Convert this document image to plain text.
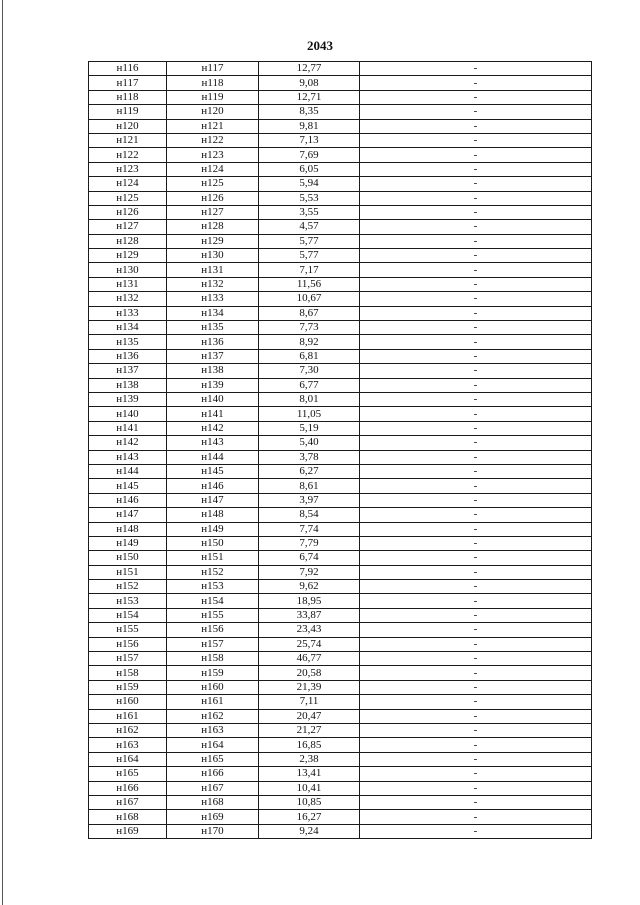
2043
н116	н117	12,77	-
н117	н118	9,08	-
н118	н119	12,71	-
н119	н120	8,35	-
н120	н121	9,81	-
н121	н122	7,13	-
н122	н123	7,69	-
н123	н124	6,05	-
н124	н125	5,94	-
н125	н126	5,53	-
н126	н127	3,55	-
н127	н128	4,57	-
н128	н129	5,77	-
н129	н130	5,77	-
н130	н131	7,17	-
н131	н132	11,56	-
н132	н133	10,67	-
н133	н134	8,67	-
н134	н135	7,73	-
н135	н136	8,92	-
н136	н137	6,81	-
н137	н138	7,30	-
н138	н139	6,77	-
н139	н140	8,01	-
н140	н141	11,05	-
н141	н142	5,19	-
н142	н143	5,40	-
н143	н144	3,78	-
н144	н145	6,27	-
н145	н146	8,61	-
н146	н147	3,97	-
н147	н148	8,54	-
н148	н149	7,74	-
н149	н150	7,79	-
н150	н151	6,74	-
н151	н152	7,92	-
н152	н153	9,62	-
н153	н154	18,95	-
н154	н155	33,87	-
н155	н156	23,43	-
н156	н157	25,74	-
н157	н158	46,77	-
н158	н159	20,58	-
н159	н160	21,39	-
н160	н161	7,11	-
н161	н162	20,47	-
н162	н163	21,27	-
н163	н164	16,85	-
н164	н165	2,38	-
н165	н166	13,41	-
н166	н167	10,41	-
н167	н168	10,85	-
н168	н169	16,27	-
н169	н170	9,24	-
